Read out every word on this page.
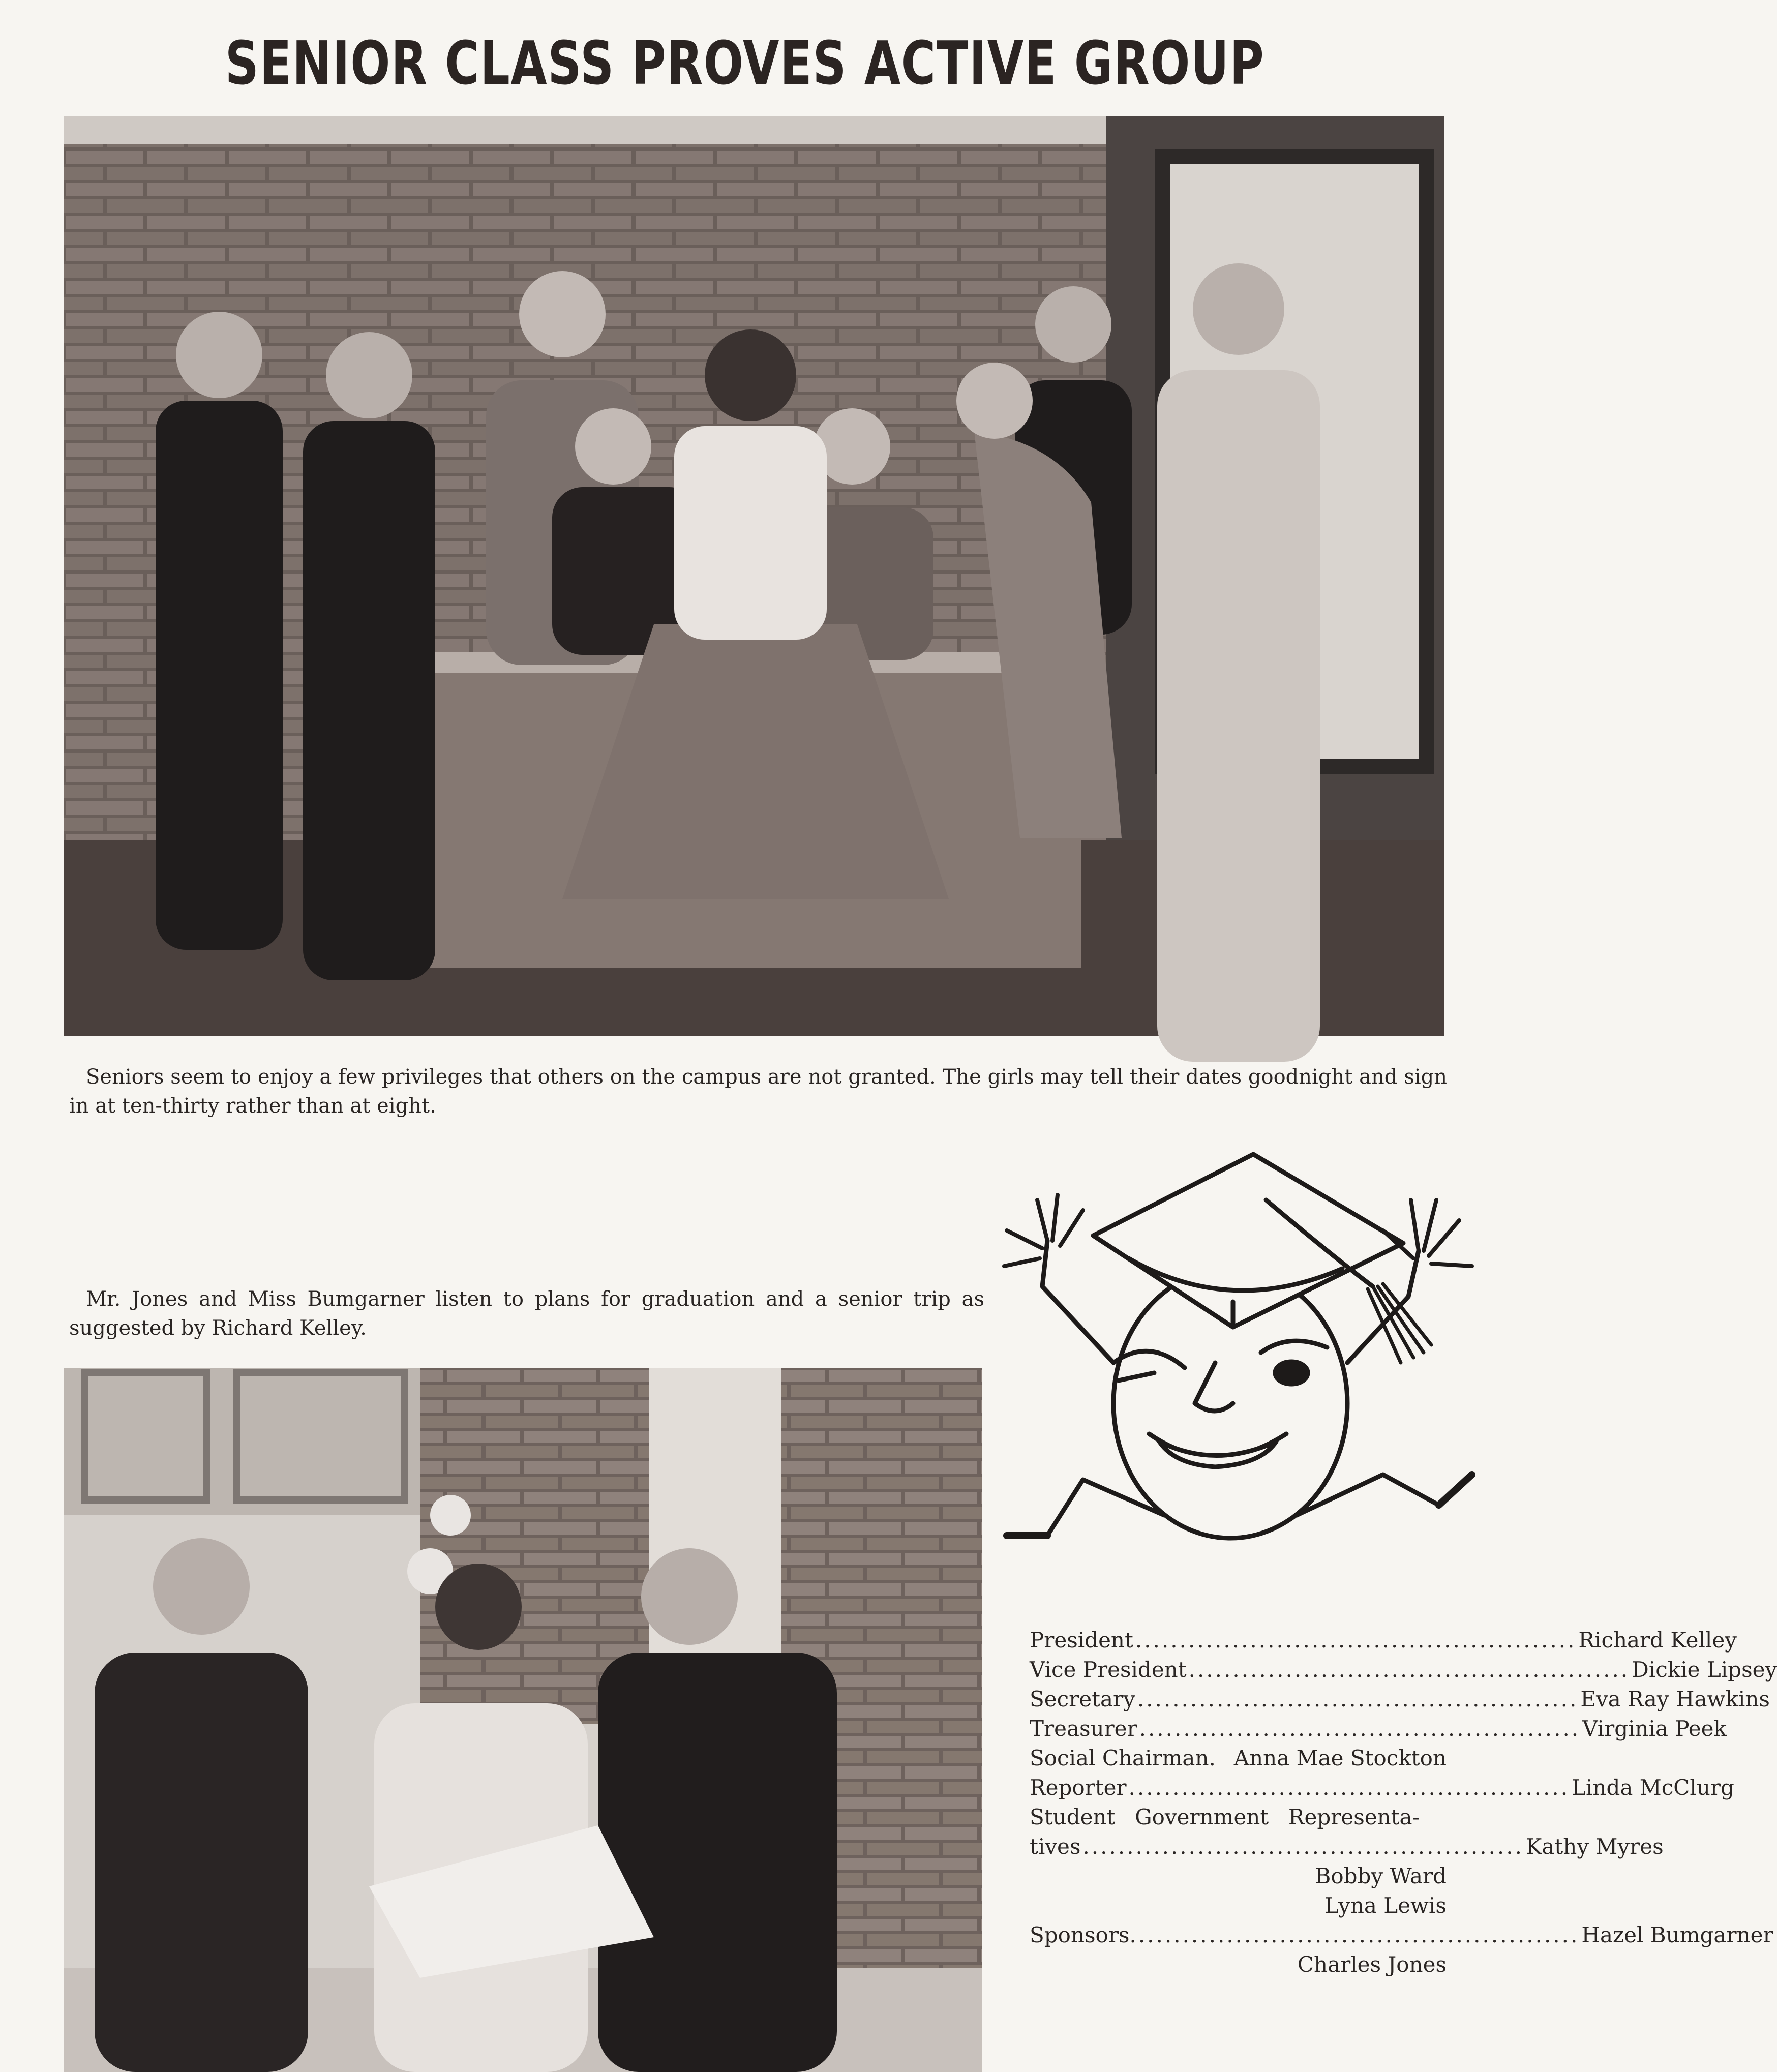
SENIOR CLASS PROVES ACTIVE GROUP
Seniors seem to enjoy a few privileges that others on the campus are not granted. The girls may tell their dates goodnight and sign in at ten-thirty rather than at eight.
Mr. Jones and Miss Bumgarner listen to plans for graduation and a senior trip as suggested by Richard Kelley.
President .................................................. Richard Kelley
Vice President .................................................. Dickie Lipsey
Secretary .................................................. Eva Ray Hawkins
Treasurer .................................................. Virginia Peek
Social Chairman. Anna Mae Stockton
Reporter .................................................. Linda McClurg
Student  Government  Representa-
tives .................................................. Kathy Myres
Bobby Ward
Lyna Lewis
Sponsors. .................................................. Hazel Bumgarner
Charles Jones
